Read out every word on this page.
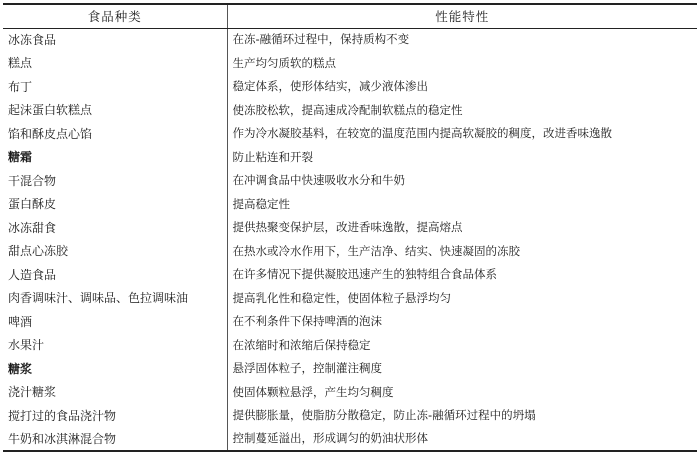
食品种类	性能特性
冰冻食品	在冻-融循环过程中，保持质构不变
糕点	生产均匀质软的糕点
布丁	稳定体系，使形体结实，减少液体渗出
起沫蛋白软糕点	使冻胶松软，提高速成冷配制软糕点的稳定性
馅和酥皮点心馅	作为冷水凝胶基料，在较宽的温度范围内提高软凝胶的稠度，改进香味逸散
糖霜	防止粘连和开裂
干混合物	在冲调食品中快速吸收水分和牛奶
蛋白酥皮	提高稳定性
冰冻甜食	提供热聚变保护层，改进香味逸散，提高熔点
甜点心冻胶	在热水或冷水作用下，生产洁净、结实、快速凝固的冻胶
人造食品	在许多情况下提供凝胶迅速产生的独特组合食品体系
肉香调味汁、调味品、色拉调味油	提高乳化性和稳定性，使固体粒子悬浮均匀
啤酒	在不利条件下保持啤酒的泡沫
水果汁	在浓缩时和浓缩后保持稳定
糖浆	悬浮固体粒子，控制灌注稠度
浇汁糖浆	使固体颗粒悬浮，产生均匀稠度
搅打过的食品浇汁物	提供膨胀量，使脂肪分散稳定，防止冻-融循环过程中的坍塌
牛奶和冰淇淋混合物	控制蔓延溢出，形成调匀的奶油状形体
